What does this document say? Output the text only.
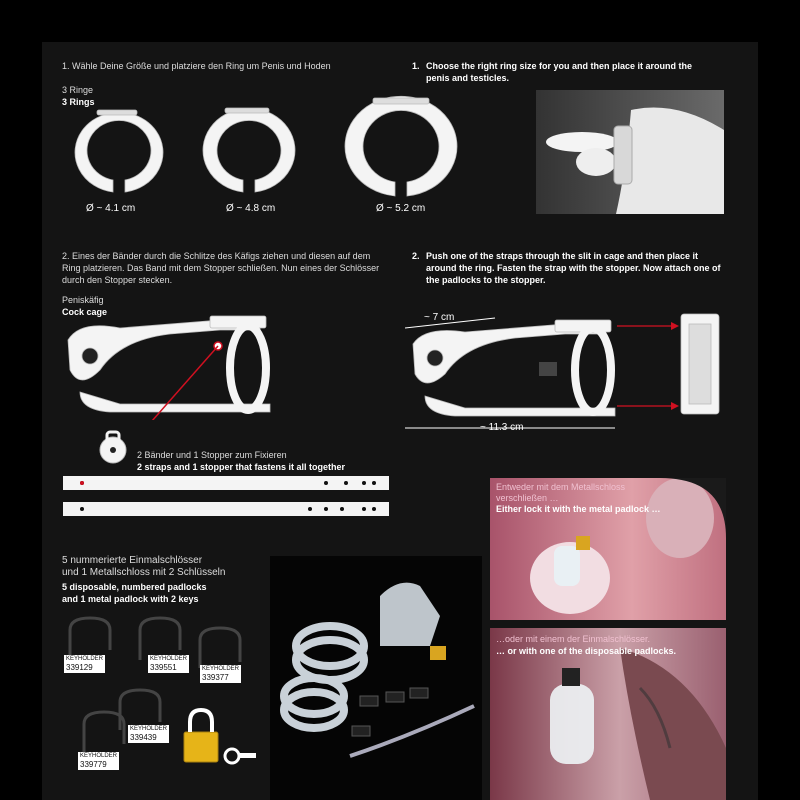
1. Wähle Deine Größe und platziere den Ring um Penis und Hoden	1. Choose the right ring size for you and then place it around the penis and testicles.
3 Ringe
3 Rings
Ø ~ 4.1 cm	Ø ~ 4.8 cm	Ø ~ 5.2 cm
2. Eines der Bänder durch die Schlitze des Käfigs ziehen und diesen auf dem Ring platzieren. Das Band mit dem Stopper schließen. Nun eines der Schlösser durch den Stopper stecken.
2. Push one of the straps through the slit in cage and then place it around the ring. Fasten the strap with the stopper. Now attach one of the padlocks to the stopper.
Peniskäfig
Cock cage	~ 7 cm
~ 11.3 cm
2 Bänder und 1 Stopper zum Fixieren
2 straps and 1 stopper that fastens it all together
5 nummerierte Einmalschlösser
und 1 Metallschloss mit 2 Schlüsseln
5 disposable, numbered padlocks
and 1 metal padlock with 2 keys
KEYHOLDER
339129
KEYHOLDER
339551	KEYHOLDER
339377
KEYHOLDER
339439
KEYHOLDER
339779
Entweder mit dem Metallschloss verschließen …
Either lock it with the metal padlock …
…oder mit einem der Einmalschlösser.
… or with one of the disposable padlocks.
